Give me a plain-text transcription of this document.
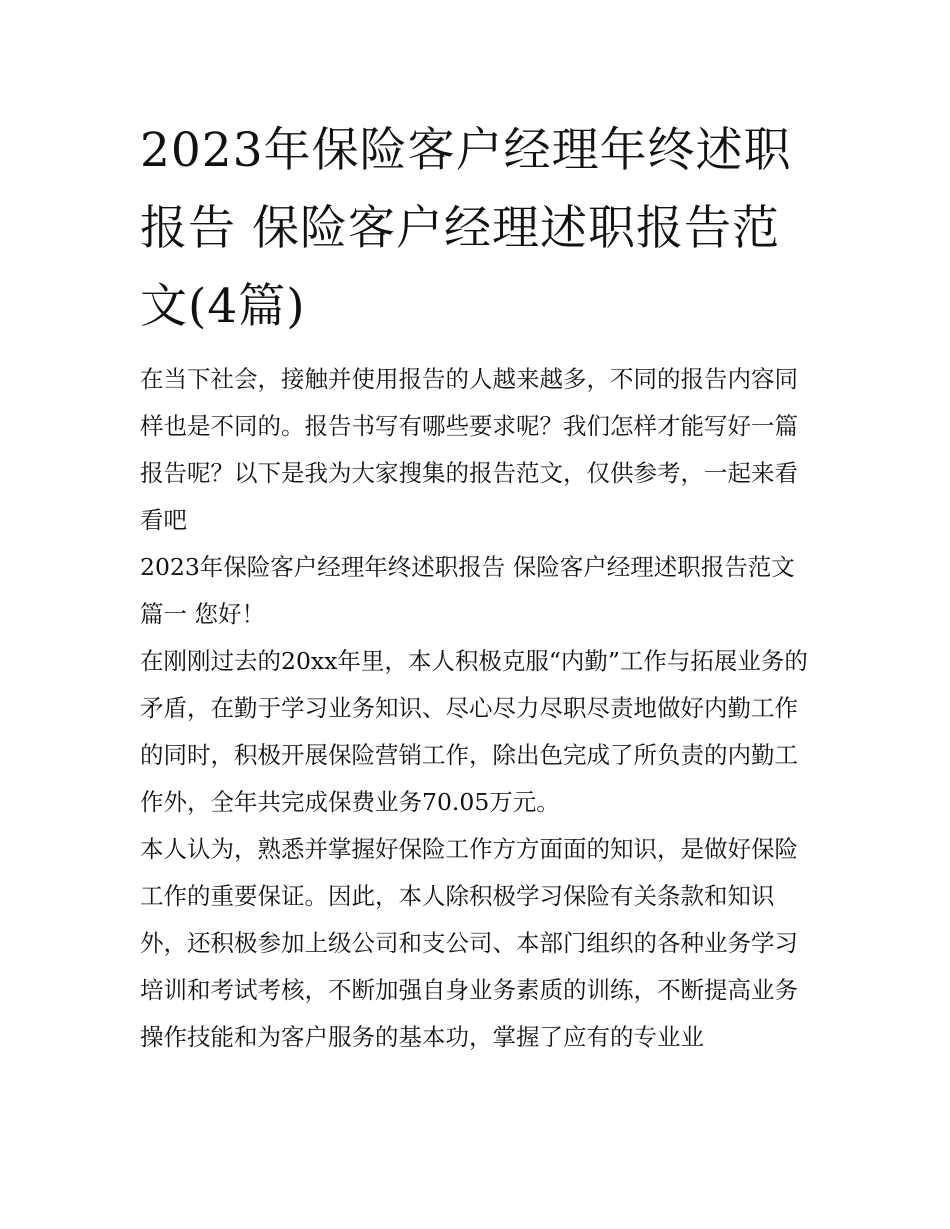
2023年保险客户经理年终述职报告 保险客户经理述职报告范文(4篇)

在当下社会，接触并使用报告的人越来越多，不同的报告内容同样也是不同的。报告书写有哪些要求呢？我们怎样才能写好一篇报告呢？以下是我为大家搜集的报告范文，仅供参考，一起来看看吧

2023年保险客户经理年终述职报告 保险客户经理述职报告范文篇一 您好！

在刚刚过去的20xx年里，本人积极克服“内勤”工作与拓展业务的矛盾，在勤于学习业务知识、尽心尽力尽职尽责地做好内勤工作的同时，积极开展保险营销工作，除出色完成了所负责的内勤工作外，全年共完成保费业务70.05万元。

本人认为，熟悉并掌握好保险工作方方面面的知识，是做好保险工作的重要保证。因此，本人除积极学习保险有关条款和知识外，还积极参加上级公司和支公司、本部门组织的各种业务学习培训和考试考核，不断加强自身业务素质的训练，不断提高业务操作技能和为客户服务的基本功，掌握了应有的专业业
